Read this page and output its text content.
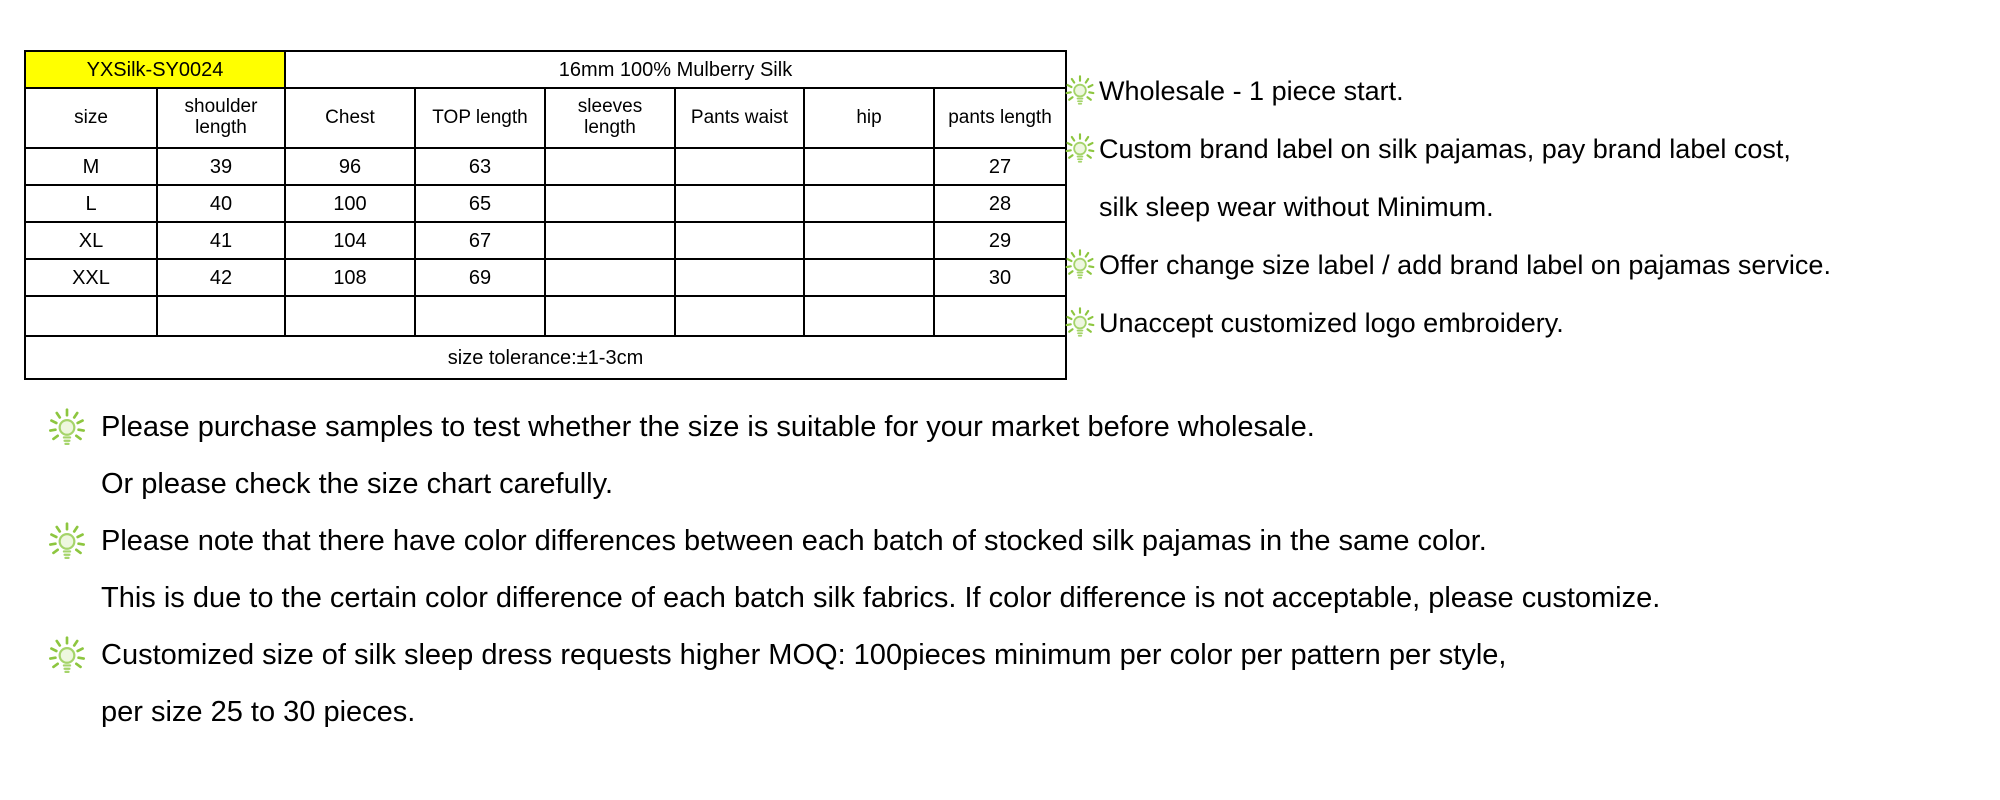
YXSilk-SY0024		16mm 100% Mulberry Silk					
size	shoulder length	Chest	TOP length	sleeves length	Pants waist	hip	pants length
M	39	96	63				27
L	40	100	65				28
XL	41	104	67				29
XXL	42	108	69				30

size tolerance:±1-3cm							
Wholesale - 1 piece start.
Custom brand label on silk pajamas, pay brand label cost,
silk sleep wear without Minimum.
Offer change size label / add brand label on pajamas service.
Unaccept customized logo embroidery.
Please purchase samples to test whether the size is suitable for your market before wholesale.
Or please check the size chart carefully.
Please note that there have color differences between each batch of stocked silk pajamas in the same color.
This is due to the certain color difference of each batch silk fabrics. If color difference is not acceptable, please customize.
Customized size of silk sleep dress requests higher MOQ: 100pieces minimum per color per pattern per style,
per size 25 to 30 pieces.
